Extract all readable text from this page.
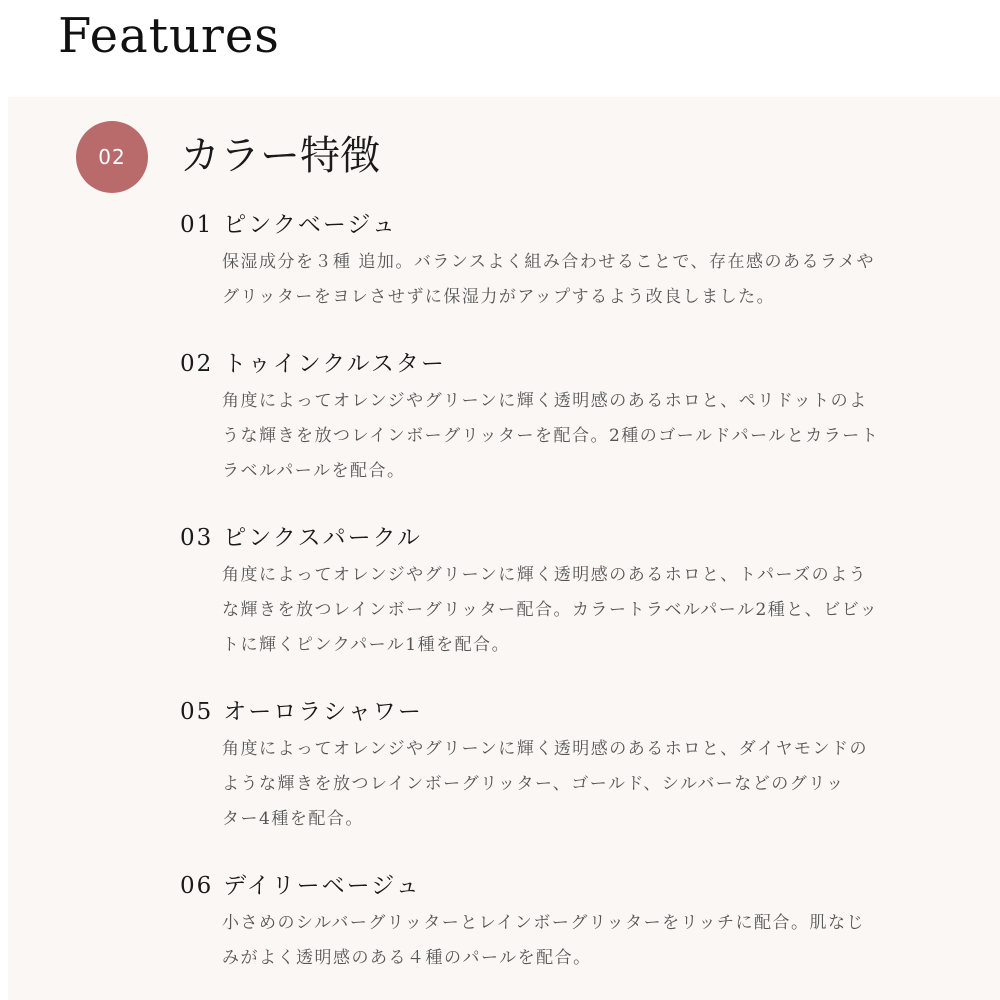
Features
02	カラー特徴
01 ピンクベージュ
保湿成分を３種 追加。バランスよく組み合わせることで、存在感のあるラメや
グリッターをヨレさせずに保湿力がアップするよう改良しました。
02 トゥインクルスター
角度によってオレンジやグリーンに輝く透明感のあるホロと、ペリドットのよ
うな輝きを放つレインボーグリッターを配合。2種のゴールドパールとカラート
ラベルパールを配合。
03 ピンクスパークル
角度によってオレンジやグリーンに輝く透明感のあるホロと、トパーズのよう
な輝きを放つレインボーグリッター配合。カラートラベルパール2種と、ビビッ
トに輝くピンクパール1種を配合。
05 オーロラシャワー
角度によってオレンジやグリーンに輝く透明感のあるホロと、ダイヤモンドの
ような輝きを放つレインボーグリッター、ゴールド、シルバーなどのグリッ
ター4種を配合。
06 デイリーベージュ
小さめのシルバーグリッターとレインボーグリッターをリッチに配合。肌なじ
みがよく透明感のある４種のパールを配合。
